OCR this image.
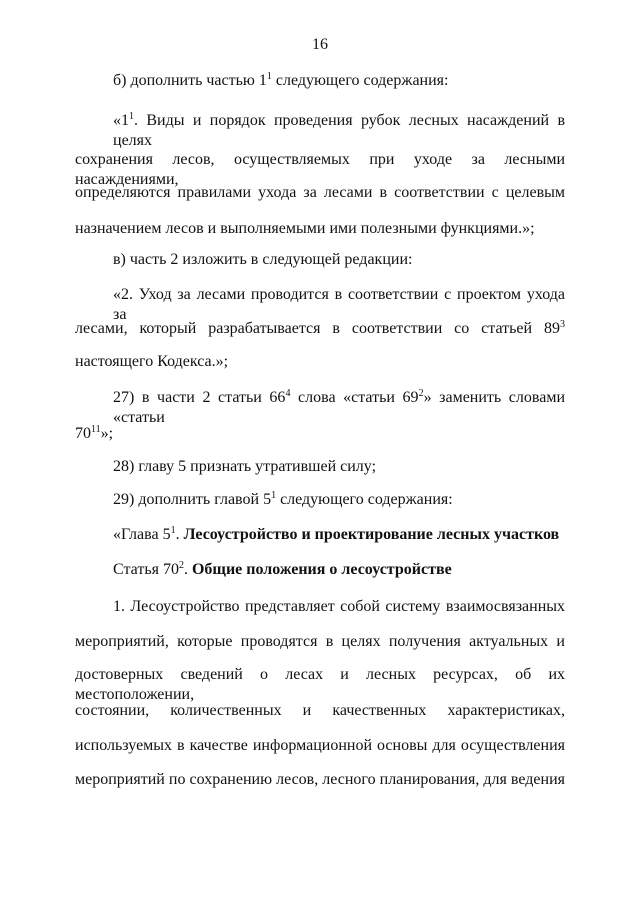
16
б) дополнить частью $1^1$ следующего содержания:
«$1^1$. Виды и порядок проведения рубок лесных насаждений в целях
сохранения лесов, осуществляемых при уходе за лесными насаждениями,
определяются правилами ухода за лесами в соответствии с целевым
назначением лесов и выполняемыми ими полезными функциями.»;
в) часть 2 изложить в следующей редакции:
«2. Уход за лесами проводится в соответствии с проектом ухода за
лесами, который разрабатывается в соответствии со статьей $89^3$
настоящего Кодекса.»;
27) в части 2 статьи $66^4$ слова «статьи $69^2$» заменить словами «статьи
$70^{11}$»;
28) главу 5 признать утратившей силу;
29) дополнить главой $5^1$ следующего содержания:
«Глава $5^1$. Лесоустройство и проектирование лесных участков
Статья $70^2$. Общие положения о лесоустройстве
1. Лесоустройство представляет собой систему взаимосвязанных
мероприятий, которые проводятся в целях получения актуальных и
достоверных сведений о лесах и лесных ресурсах, об их местоположении,
состоянии, количественных и качественных характеристиках,
используемых в качестве информационной основы для осуществления
мероприятий по сохранению лесов, лесного планирования, для ведения
